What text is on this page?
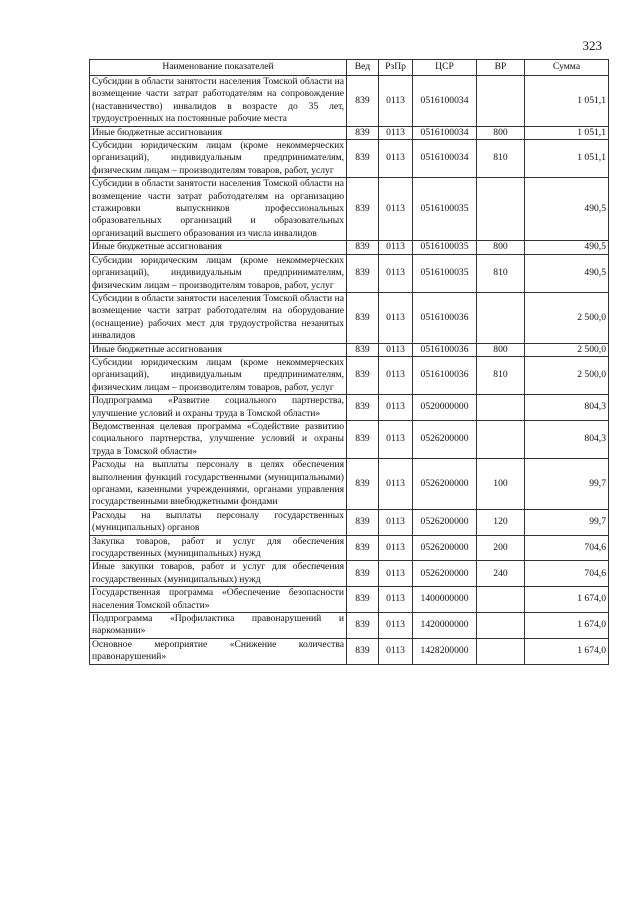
323
Наименование показателей	Вед	РзПр	ЦСР	ВР	Сумма
Субсидии в области занятости населения Томской области на возмещение части затрат работодателям на сопровождение (наставничество) инвалидов в возрасте до 35 лет, трудоустроенных на постоянные рабочие места	839	0113	0516100034		1 051,1
Иные бюджетные ассигнования	839	0113	0516100034	800	1 051,1
Субсидии юридическим лицам (кроме некоммерческих организаций), индивидуальным предпринимателям, физическим лицам – производителям товаров, работ, услуг	839	0113	0516100034	810	1 051,1
Субсидии в области занятости населения Томской области на возмещение части затрат работодателям на организацию стажировки выпускников профессиональных образовательных организаций и образовательных организаций высшего образования из числа инвалидов	839	0113	0516100035		490,5
Иные бюджетные ассигнования	839	0113	0516100035	800	490,5
Субсидии юридическим лицам (кроме некоммерческих организаций), индивидуальным предпринимателям, физическим лицам – производителям товаров, работ, услуг	839	0113	0516100035	810	490,5
Субсидии в области занятости населения Томской области на возмещение части затрат работодателям на оборудование (оснащение) рабочих мест для трудоустройства незанятых инвалидов	839	0113	0516100036		2 500,0
Иные бюджетные ассигнования	839	0113	0516100036	800	2 500,0
Субсидии юридическим лицам (кроме некоммерческих организаций), индивидуальным предпринимателям, физическим лицам – производителям товаров, работ, услуг	839	0113	0516100036	810	2 500,0
Подпрограмма «Развитие социального партнерства, улучшение условий и охраны труда в Томской области»	839	0113	0520000000		804,3
Ведомственная целевая программа «Содействие развитию социального партнерства, улучшение условий и охраны труда в Томской области»	839	0113	0526200000		804,3
Расходы на выплаты персоналу в целях обеспечения выполнения функций государственными (муниципальными) органами, казенными учреждениями, органами управления государственными внебюджетными фондами	839	0113	0526200000	100	99,7
Расходы на выплаты персоналу государственных (муниципальных) органов	839	0113	0526200000	120	99,7
Закупка товаров, работ и услуг для обеспечения государственных (муниципальных) нужд	839	0113	0526200000	200	704,6
Иные закупки товаров, работ и услуг для обеспечения государственных (муниципальных) нужд	839	0113	0526200000	240	704,6
Государственная программа «Обеспечение безопасности населения Томской области»	839	0113	1400000000		1 674,0
Подпрограмма «Профилактика правонарушений и наркомании»	839	0113	1420000000		1 674,0
Основное мероприятие «Снижение количества правонарушений»	839	0113	1428200000		1 674,0
